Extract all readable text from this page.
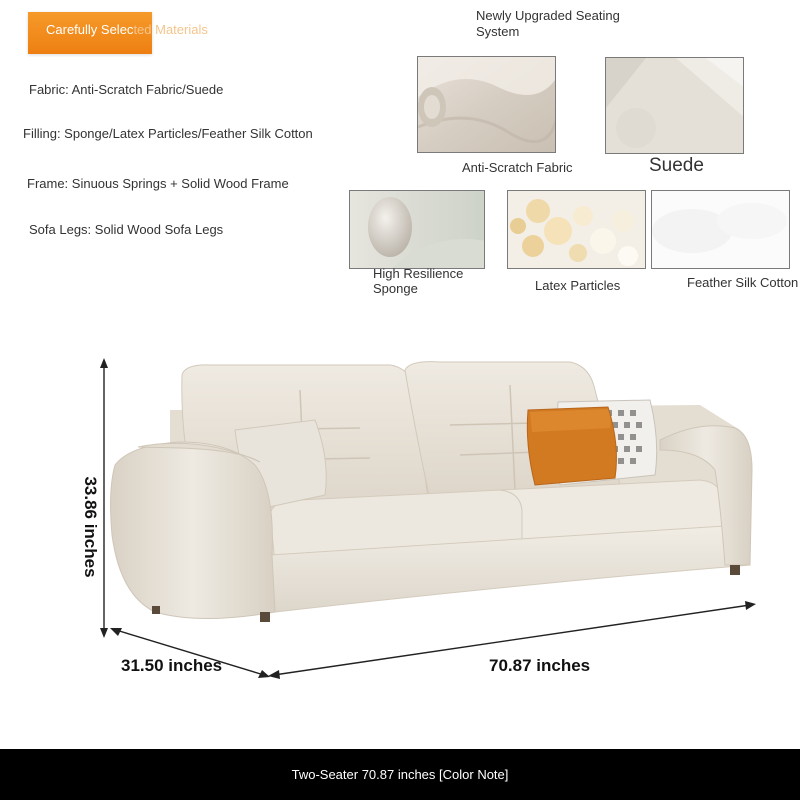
Carefully Selected Materials
Fabric: Anti-Scratch Fabric/Suede
Filling: Sponge/Latex Particles/Feather Silk Cotton
Frame: Sinuous Springs + Solid Wood Frame
Sofa Legs: Solid Wood Sofa Legs
Newly Upgraded Seating
System
Anti-Scratch Fabric	Suede
High Resilience
Sponge	Latex Particles	Feather Silk Cotton
33.86 inches
31.50 inches	70.87 inches
Two-Seater 70.87 inches [Color Note]
